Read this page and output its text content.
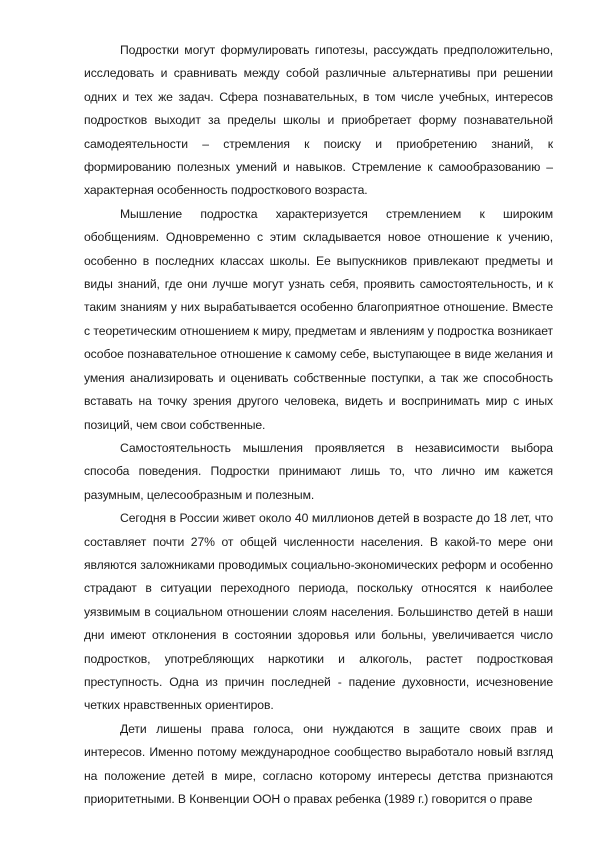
Подростки могут формулировать гипотезы, рассуждать предположительно, исследовать и сравнивать между собой различные альтернативы при решении одних и тех же задач. Сфера познавательных, в том числе учебных, интересов подростков выходит за пределы школы и приобретает форму познавательной самодеятельности – стремления к поиску и приобретению знаний, к формированию полезных умений и навыков. Стремление к самообразованию – характерная особенность подросткового возраста.

Мышление подростка характеризуется стремлением к широким обобщениям. Одновременно с этим складывается новое отношение к учению, особенно в последних классах школы. Ее выпускников привлекают предметы и виды знаний, где они лучше могут узнать себя, проявить самостоятельность, и к таким знаниям у них вырабатывается особенно благоприятное отношение. Вместе с теоретическим отношением к миру, предметам и явлениям у подростка возникает особое познавательное отношение к самому себе, выступающее в виде желания и умения анализировать и оценивать собственные поступки, а так же способность вставать на точку зрения другого человека, видеть и воспринимать мир с иных позиций, чем свои собственные.

Самостоятельность мышления проявляется в независимости выбора способа поведения. Подростки принимают лишь то, что лично им кажется разумным, целесообразным и полезным.

Сегодня в России живет около 40 миллионов детей в возрасте до 18 лет, что составляет почти 27% от общей численности населения. В какой-то мере они являются заложниками проводимых социально-экономических реформ и особенно страдают в ситуации переходного периода, поскольку относятся к наиболее уязвимым в социальном отношении слоям населения. Большинство детей в наши дни имеют отклонения в состоянии здоровья или больны, увеличивается число подростков, употребляющих наркотики и алкоголь, растет подростковая преступность. Одна из причин последней - падение духовности, исчезновение четких нравственных ориентиров.

Дети лишены права голоса, они нуждаются в защите своих прав и интересов. Именно потому международное сообщество выработало новый взгляд на положение детей в мире, согласно которому интересы детства признаются приоритетными. В Конвенции ООН о правах ребенка (1989 г.) говорится о праве
